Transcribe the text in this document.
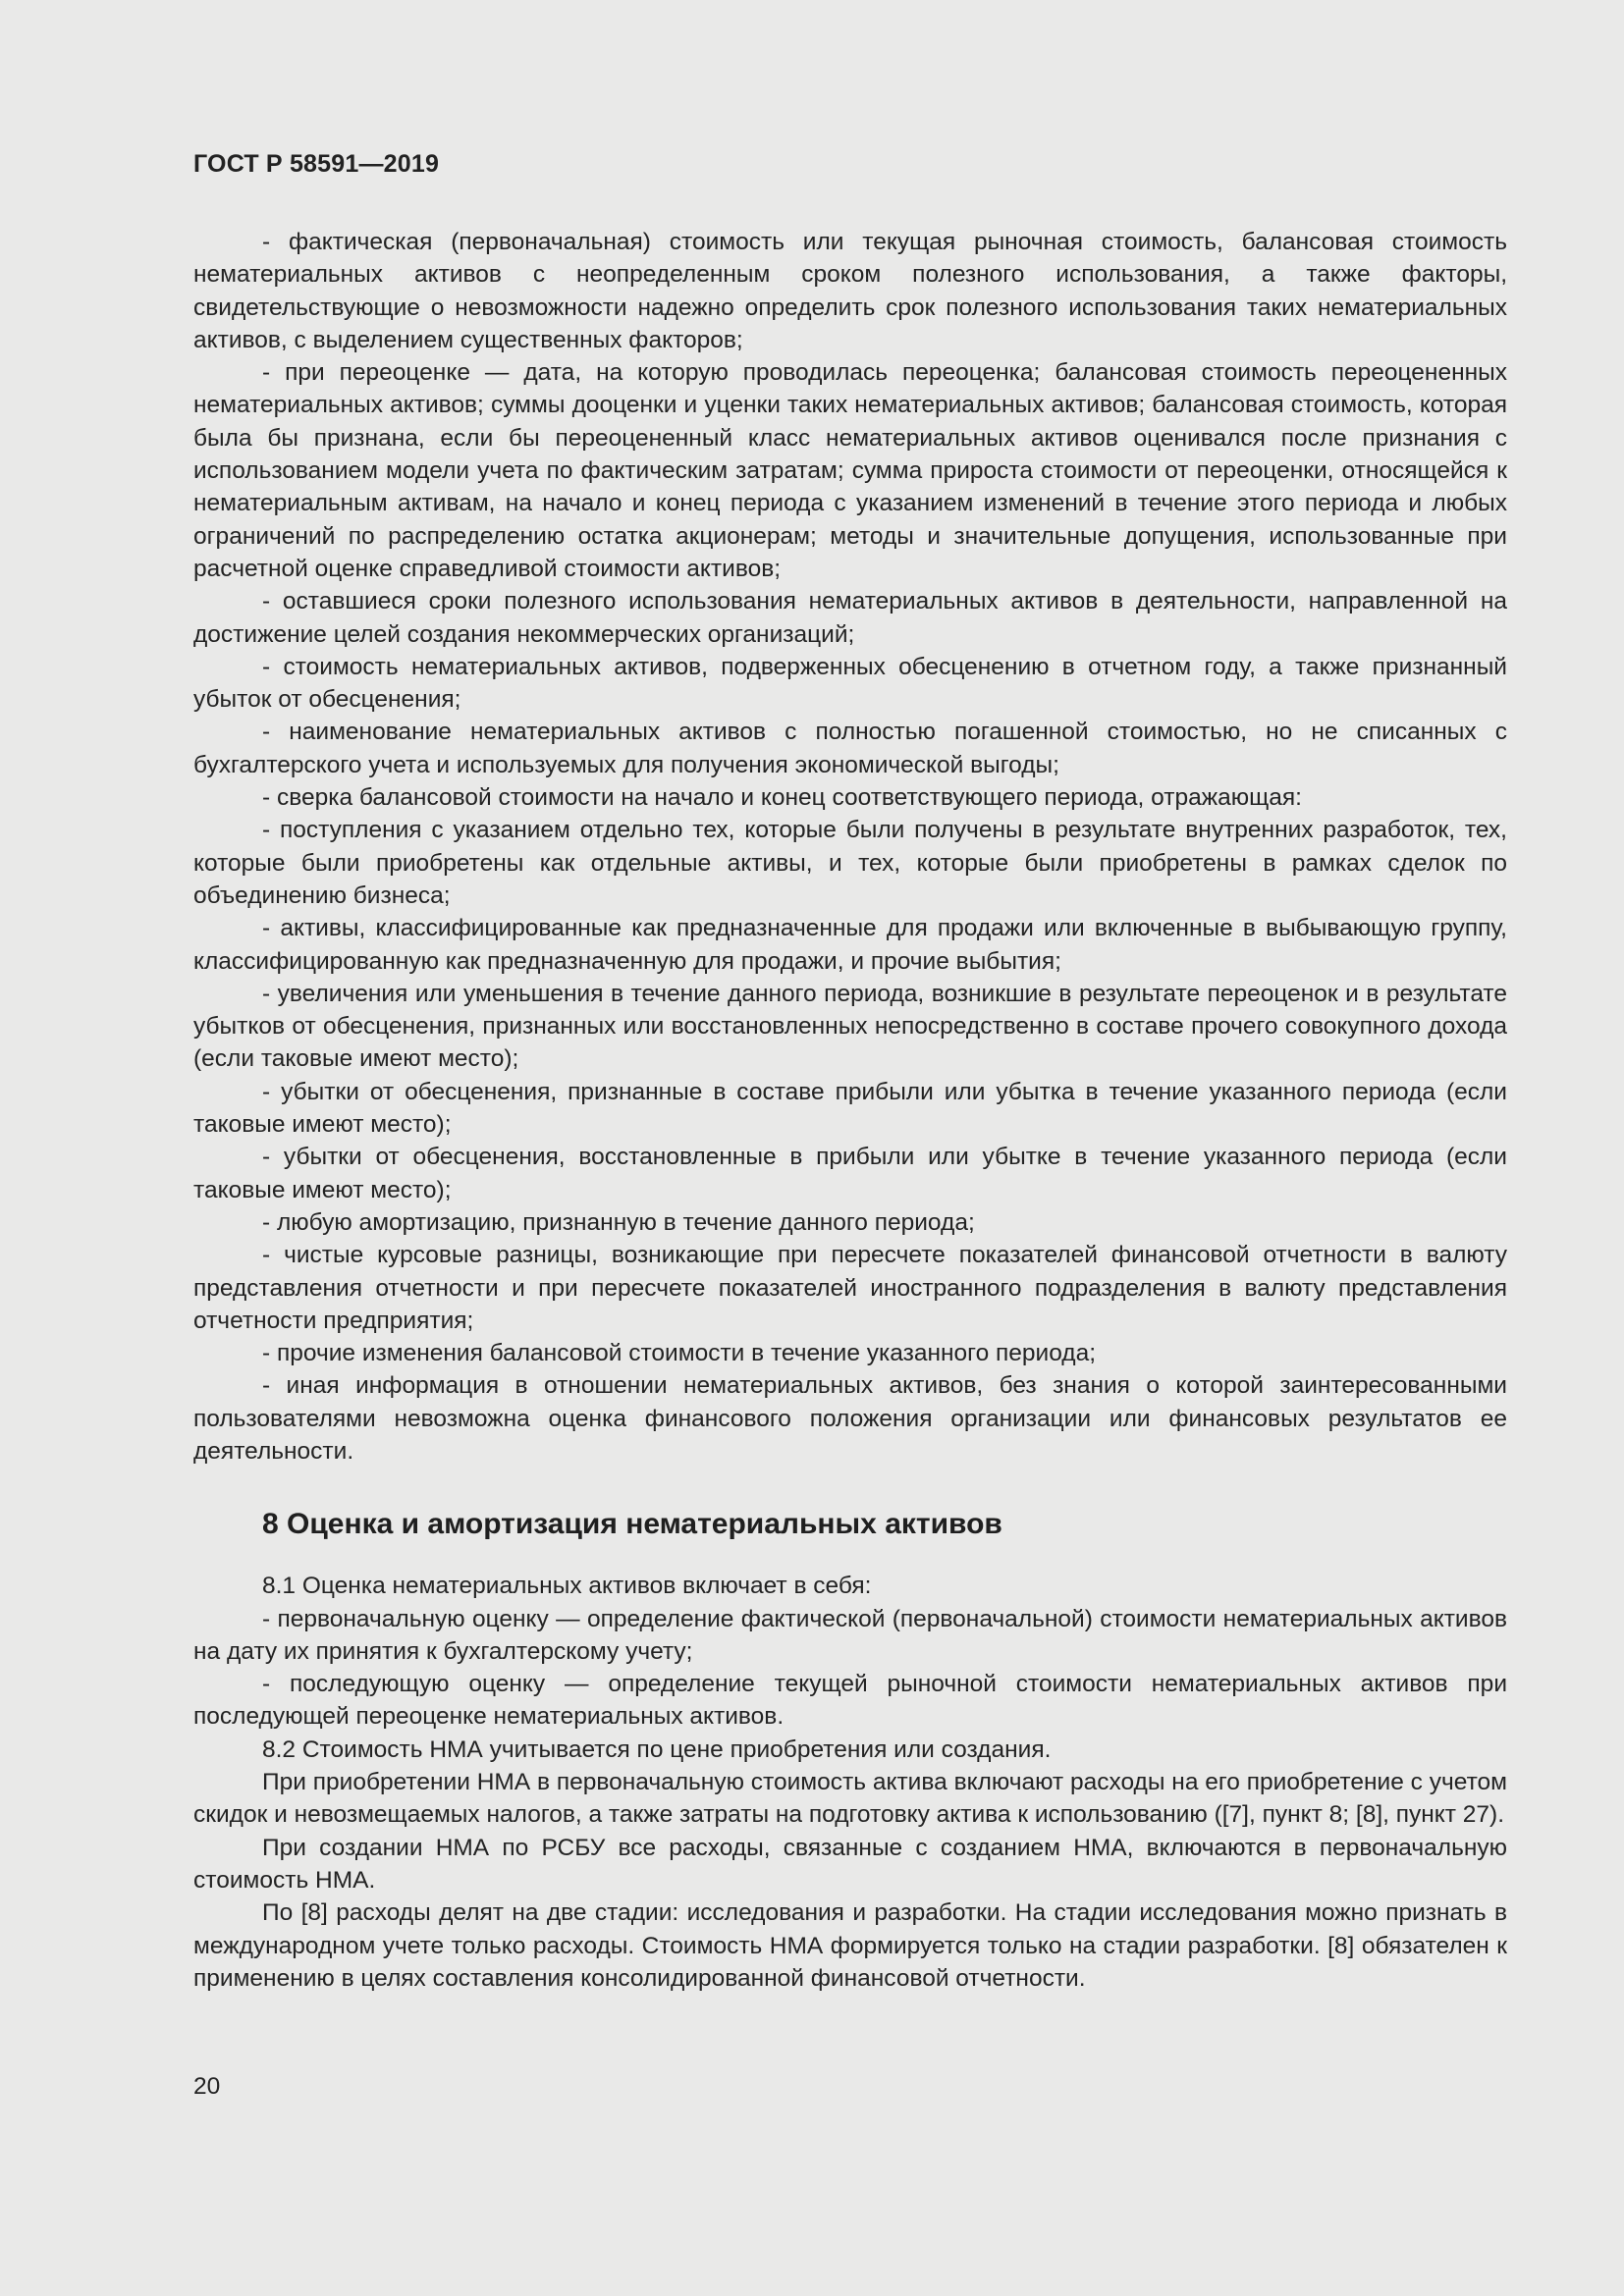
ГОСТ Р 58591—2019

- фактическая (первоначальная) стоимость или текущая рыночная стоимость, балансовая стоимость нематериальных активов с неопределенным сроком полезного использования, а также факторы, свидетельствующие о невозможности надежно определить срок полезного использования таких нематериальных активов, с выделением существенных факторов;

- при переоценке — дата, на которую проводилась переоценка; балансовая стоимость переоцененных нематериальных активов; суммы дооценки и уценки таких нематериальных активов; балансовая стоимость, которая была бы признана, если бы переоцененный класс нематериальных активов оценивался после признания с использованием модели учета по фактическим затратам; сумма прироста стоимости от переоценки, относящейся к нематериальным активам, на начало и конец периода с указанием изменений в течение этого периода и любых ограничений по распределению остатка акционерам; методы и значительные допущения, использованные при расчетной оценке справедливой стоимости активов;

- оставшиеся сроки полезного использования нематериальных активов в деятельности, направленной на достижение целей создания некоммерческих организаций;

- стоимость нематериальных активов, подверженных обесценению в отчетном году, а также признанный убыток от обесценения;

- наименование нематериальных активов с полностью погашенной стоимостью, но не списанных с бухгалтерского учета и используемых для получения экономической выгоды;

- сверка балансовой стоимости на начало и конец соответствующего периода, отражающая:

- поступления с указанием отдельно тех, которые были получены в результате внутренних разработок, тех, которые были приобретены как отдельные активы, и тех, которые были приобретены в рамках сделок по объединению бизнеса;

- активы, классифицированные как предназначенные для продажи или включенные в выбывающую группу, классифицированную как предназначенную для продажи, и прочие выбытия;

- увеличения или уменьшения в течение данного периода, возникшие в результате переоценок и в результате убытков от обесценения, признанных или восстановленных непосредственно в составе прочего совокупного дохода (если таковые имеют место);

- убытки от обесценения, признанные в составе прибыли или убытка в течение указанного периода (если таковые имеют место);

- убытки от обесценения, восстановленные в прибыли или убытке в течение указанного периода (если таковые имеют место);

- любую амортизацию, признанную в течение данного периода;

- чистые курсовые разницы, возникающие при пересчете показателей финансовой отчетности в валюту представления отчетности и при пересчете показателей иностранного подразделения в валюту представления отчетности предприятия;

- прочие изменения балансовой стоимости в течение указанного периода;

- иная информация в отношении нематериальных активов, без знания о которой заинтересованными пользователями невозможна оценка финансового положения организации или финансовых результатов ее деятельности.

8 Оценка и амортизация нематериальных активов

8.1 Оценка нематериальных активов включает в себя:

- первоначальную оценку — определение фактической (первоначальной) стоимости нематериальных активов на дату их принятия к бухгалтерскому учету;

- последующую оценку — определение текущей рыночной стоимости нематериальных активов при последующей переоценке нематериальных активов.

8.2 Стоимость НМА учитывается по цене приобретения или создания.

При приобретении НМА в первоначальную стоимость актива включают расходы на его приобретение с учетом скидок и невозмещаемых налогов, а также затраты на подготовку актива к использованию ([7], пункт 8; [8], пункт 27).

При создании НМА по РСБУ все расходы, связанные с созданием НМА, включаются в первоначальную стоимость НМА.

По [8] расходы делят на две стадии: исследования и разработки. На стадии исследования можно признать в международном учете только расходы. Стоимость НМА формируется только на стадии разработки. [8] обязателен к применению в целях составления консолидированной финансовой отчетности.

20
